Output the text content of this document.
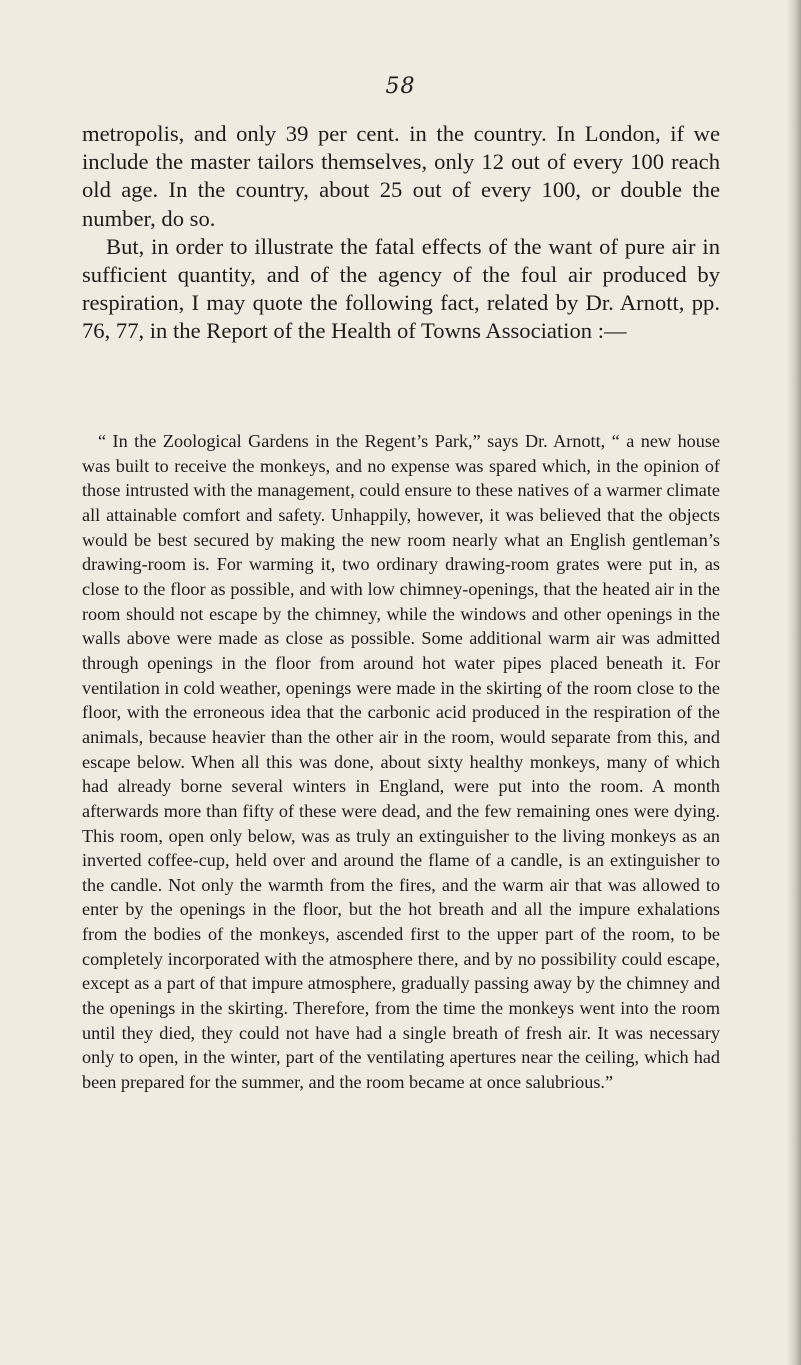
58

metropolis, and only 39 per cent. in the country. In London, if we include the master tailors themselves, only 12 out of every 100 reach old age. In the country, about 25 out of every 100, or double the number, do so.

But, in order to illustrate the fatal effects of the want of pure air in sufficient quantity, and of the agency of the foul air produced by respiration, I may quote the following fact, related by Dr. Arnott, pp. 76, 77, in the Report of the Health of Towns Association :—

“ In the Zoological Gardens in the Regent’s Park,” says Dr. Arnott, “ a new house was built to receive the monkeys, and no expense was spared which, in the opinion of those intrusted with the management, could ensure to these natives of a warmer climate all attainable comfort and safety. Unhappily, however, it was believed that the objects would be best secured by making the new room nearly what an English gentleman’s drawing-room is. For warming it, two ordinary drawing-room grates were put in, as close to the floor as possible, and with low chimney-openings, that the heated air in the room should not escape by the chimney, while the windows and other openings in the walls above were made as close as possible. Some additional warm air was admitted through openings in the floor from around hot water pipes placed beneath it. For ventilation in cold weather, openings were made in the skirting of the room close to the floor, with the erroneous idea that the carbonic acid produced in the respiration of the animals, because heavier than the other air in the room, would separate from this, and escape below. When all this was done, about sixty healthy monkeys, many of which had already borne several winters in England, were put into the room. A month afterwards more than fifty of these were dead, and the few remaining ones were dying. This room, open only below, was as truly an extinguisher to the living monkeys as an inverted coffee-cup, held over and around the flame of a candle, is an extinguisher to the candle. Not only the warmth from the fires, and the warm air that was allowed to enter by the openings in the floor, but the hot breath and all the impure exhalations from the bodies of the monkeys, ascended first to the upper part of the room, to be completely incorporated with the atmosphere there, and by no possibility could escape, except as a part of that impure atmosphere, gradually passing away by the chimney and the openings in the skirting. Therefore, from the time the monkeys went into the room until they died, they could not have had a single breath of fresh air. It was necessary only to open, in the winter, part of the ventilating apertures near the ceiling, which had been prepared for the summer, and the room became at once salubrious.”
